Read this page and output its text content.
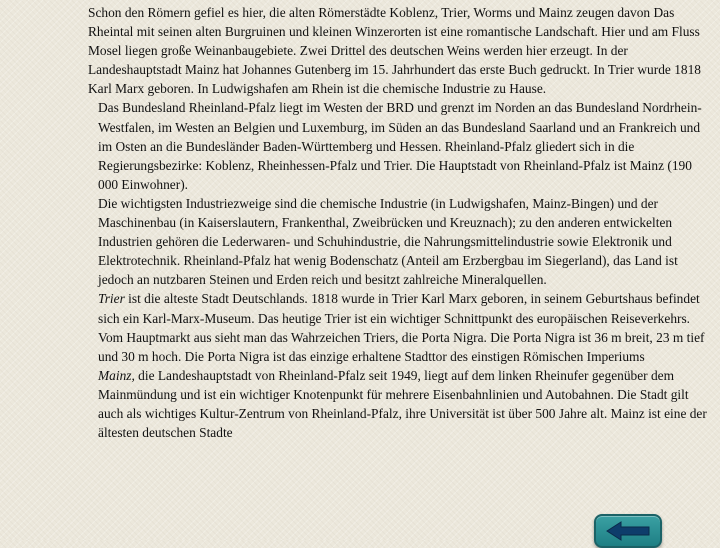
Schon den Römern gefiel es hier, die alten Römerstädte Koblenz, Trier, Worms und Mainz zeugen davon Das Rheintal mit seinen alten Burgruinen und kleinen Winzerorten ist eine romantische Landschaft. Hier und am Fluss Mosel liegen große Weinanbaugebiete. Zwei Drittel des deutschen Weins werden hier erzeugt. In der Landeshauptstadt Mainz hat Johannes Gutenberg im 15. Jahrhundert das erste Buch gedruckt. In Trier wurde 1818 Karl Marx geboren. In Ludwigshafen am Rhein ist die chemische Industrie zu Hause.

Das Bundesland Rheinland-Pfalz liegt im Westen der BRD und grenzt im Norden an das Bundesland Nordrhein-Westfalen, im Westen an Belgien und Luxemburg, im Süden an das Bundesland Saarland und an Frankreich und im Osten an die Bundesländer Baden-Württemberg und Hessen. Rheinland-Pfalz gliedert sich in die Regierungsbezirke: Koblenz, Rheinhessen-Pfalz und Trier. Die Hauptstadt von Rheinland-Pfalz ist Mainz (190 000 Einwohner).

Die wichtigsten Industriezweige sind die chemische Industrie (in Ludwigshafen, Mainz-Bingen) und der Maschinenbau (in Kaiserslautern, Frankenthal, Zweibrücken und Kreuznach); zu den anderen entwickelten Industrien gehören die Lederwaren- und Schuhindustrie, die Nahrungsmittelindustrie sowie Elektronik und Elektrotechnik. Rheinland-Pfalz hat wenig Bodenschatz (Anteil am Erzbergbau im Siegerland), das Land ist jedoch an nutzbaren Steinen und Erden reich und besitzt zahlreiche Mineralquellen.

Trier ist die alteste Stadt Deutschlands. 1818 wurde in Trier Karl Marx geboren, in seinem Geburtshaus befindet sich ein Karl-Marx-Museum. Das heutige Trier ist ein wichtiger Schnittpunkt des europäischen Reiseverkehrs. Vom Hauptmarkt aus sieht man das Wahrzeichen Triers, die Porta Nigra. Die Porta Nigra ist 36 m breit, 23 m tief und 30 m hoch. Die Porta Nigra ist das einzige erhaltene Stadttor des einstigen Römischen Imperiums

Mainz, die Landeshauptstadt von Rheinland-Pfalz seit 1949, liegt auf dem linken Rheinufer gegenüber dem Mainmündung und ist ein wichtiger Knotenpunkt für mehrere Eisenbahnlinien und Autobahnen. Die Stadt gilt auch als wichtiges Kultur-Zentrum von Rheinland-Pfalz, ihre Universität ist über 500 Jahre alt. Mainz ist eine der ältesten deutschen Stadte
